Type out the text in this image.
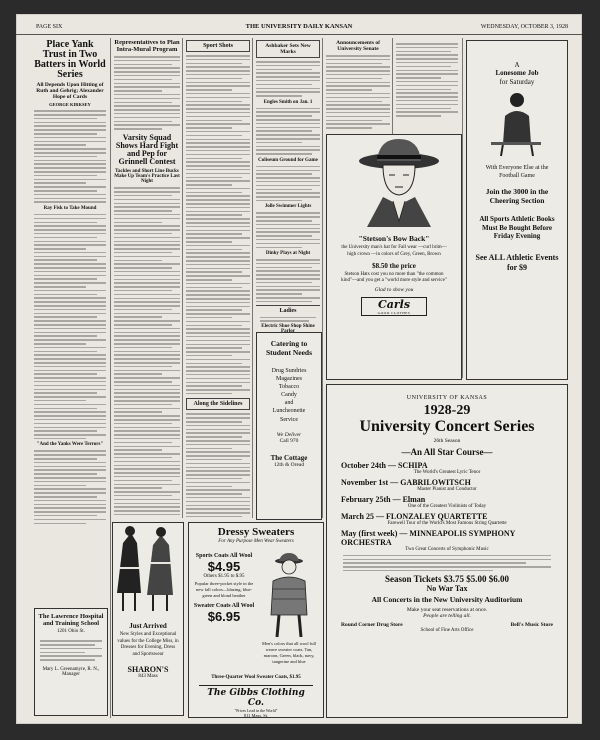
PAGE SIX	THE UNIVERSITY DAILY KANSAN	WEDNESDAY, OCTOBER 3, 1928
Place Yank Trust in Two Batters in World Series
All Depends Upon Hitting of Ruth and Gehrig; Alexander Hope of Cards
GEORGE KIRKSEY
Ray Fisk to Take Mound
"And the Yanks Were Terrors"
The Lawrence Hospital and Training School
1201 Ohio St.
Mary L. Greenamyre, R. N., Manager
Representatives to Plan Intra-Mural Program
Varsity Squad Shows Hard Fight and Pep for Grinnell Contest
Tackles and Short Line Bucks Make Up Team's Practice Last Night
Just Arrived
New Styles and Exceptional values for the College Miss, in Dresses for Evening, Dress and Sportswear
SHARON'S
843 Mass
Sport Shots
Along the Sidelines
Ashbaker Sets New Marks
Engles Smith on Jan. 1
Coliseum Ground for Game
Jolle Swimmer Lights
Dinky Plays at Night
Ladies
Electric Shoe Shop Shine
Catering to Student Needs
Drug Sundries
Magazines
Tobacco
Candy
and
Luncheonette
Service
We Deliver
Call 970
The Cottage
12th & Oread
Announcements of University Senate
"Stetson's Bow Back"
the University man's hat for Fall wear —curl brim—high crown —in colors of Grey, Green, Brown
$8.50 the price
Stetson Hats cost you no more than "the common kind"—and you get a "world more style and service"
Glad to show you
Carls
GOOD CLOTHES
A
Lonesome Job
for Saturday
With Everyone Else at the Football Game
Join the 3000 in the Cheering Section
All Sports Athletic Books Must Be Bought Before Friday Evening
See ALL Athletic Events for $9
Dressy Sweaters
For Any Purpose Men Wear Sweaters
Sports Coats All Wool
$4.95
Others $1.95 to $.95
Popular three-pocket style in the new fall colors—blazing, blue-green and blond heather
Sweater Coats All Wool
$6.95
Men's colors that all wool full weave sweater coats. Tan, maroon, Green, black, navy, tangerine and blue
Three-Quarter Wool Sweater Coats, $1.95
The Gibbs Clothing Co.
"Prices Lead in the World"
811 Mass. St.
UNIVERSITY OF KANSAS
1928-29
University Concert Series
26th Season
—An All Star Course—
October 24th — SCHIPA
The World's Greatest Lyric Tenor
November 1st — GABRILOWITSCH
Master Pianist and Conductor
February 25th — Elman
One of the Greatest Violinists of Today
March 25 — FLONZALEY QUARTETTE
Farewell Tour of the World's Most Famous String Quartette
May (first week) — MINNEAPOLIS SYMPHONY ORCHESTRA
Two Great Concerts of Symphonic Music
Season Tickets $3.75 $5.00 $6.00
No War Tax
All Concerts in the New University Auditorium
Make your seat reservations at once.
People are telling all.
Round Corner Drug Store	Bell's Music Store
School of Fine Arts Office
